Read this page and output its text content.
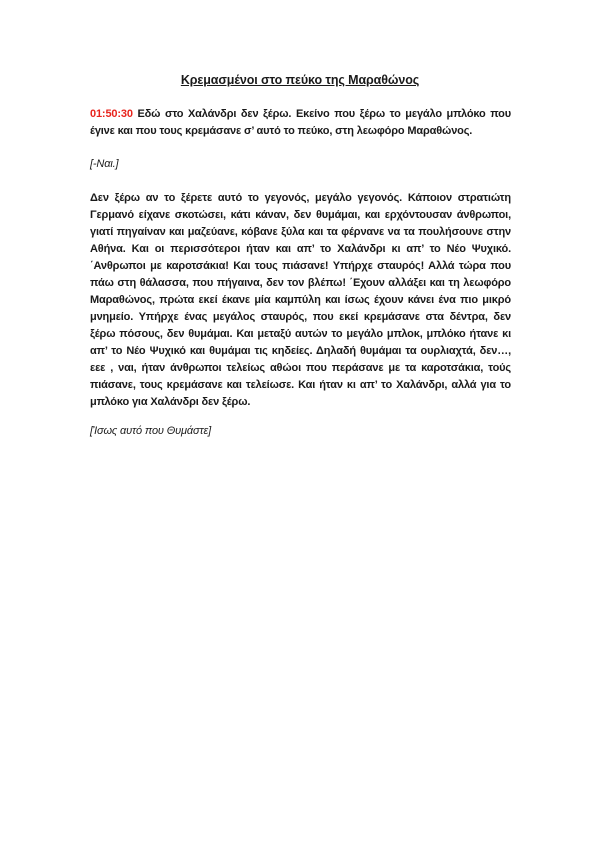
Κρεμασμένοι στο πεύκο της Μαραθώνος

01:50:30 Εδώ στο Χαλάνδρι δεν ξέρω. Εκείνο που ξέρω το μεγάλο μπλόκο που έγινε και που τους κρεμάσανε σ’ αυτό το πεύκο, στη λεωφόρο Μαραθώνος.

[-Ναι.]

Δεν ξέρω αν το ξέρετε αυτό το γεγονός, μεγάλο γεγονός. Κάποιον στρατιώτη Γερμανό είχανε σκοτώσει, κάτι κάναν, δεν θυμάμαι, και ερχόντουσαν άνθρωποι, γιατί πηγαίναν και μαζεύανε, κόβανε ξύλα και τα φέρνανε να τα πουλήσουνε στην Αθήνα. Και οι περισσότεροι ήταν και απ’ το Χαλάνδρι κι απ’ το Νέο Ψυχικό. ΄Ανθρωποι με καροτσάκια! Και τους πιάσανε! Υπήρχε σταυρός! Αλλά τώρα που πάω στη θάλασσα, που πήγαινα, δεν τον βλέπω! ΄Εχουν αλλάξει και τη λεωφόρο Μαραθώνος, πρώτα εκεί έκανε μία καμπύλη και ίσως έχουν κάνει ένα πιο μικρό μνημείο. Υπήρχε ένας μεγάλος σταυρός, που εκεί κρεμάσανε στα δέντρα, δεν ξέρω πόσους, δεν θυμάμαι. Και μεταξύ αυτών το μεγάλο μπλοκ, μπλόκο ήτανε κι απ’ το Νέο Ψυχικό και θυμάμαι τις κηδείες. Δηλαδή θυμάμαι τα ουρλιαχτά, δεν…, εεε , ναι, ήταν άνθρωποι τελείως αθώοι που περάσανε με τα καροτσάκια, τούς πιάσανε, τους κρεμάσανε και τελείωσε. Και ήταν κι απ’ το Χαλάνδρι, αλλά για το μπλόκο για Χαλάνδρι δεν ξέρω.

[Ίσως αυτό που Θυμάστε]
